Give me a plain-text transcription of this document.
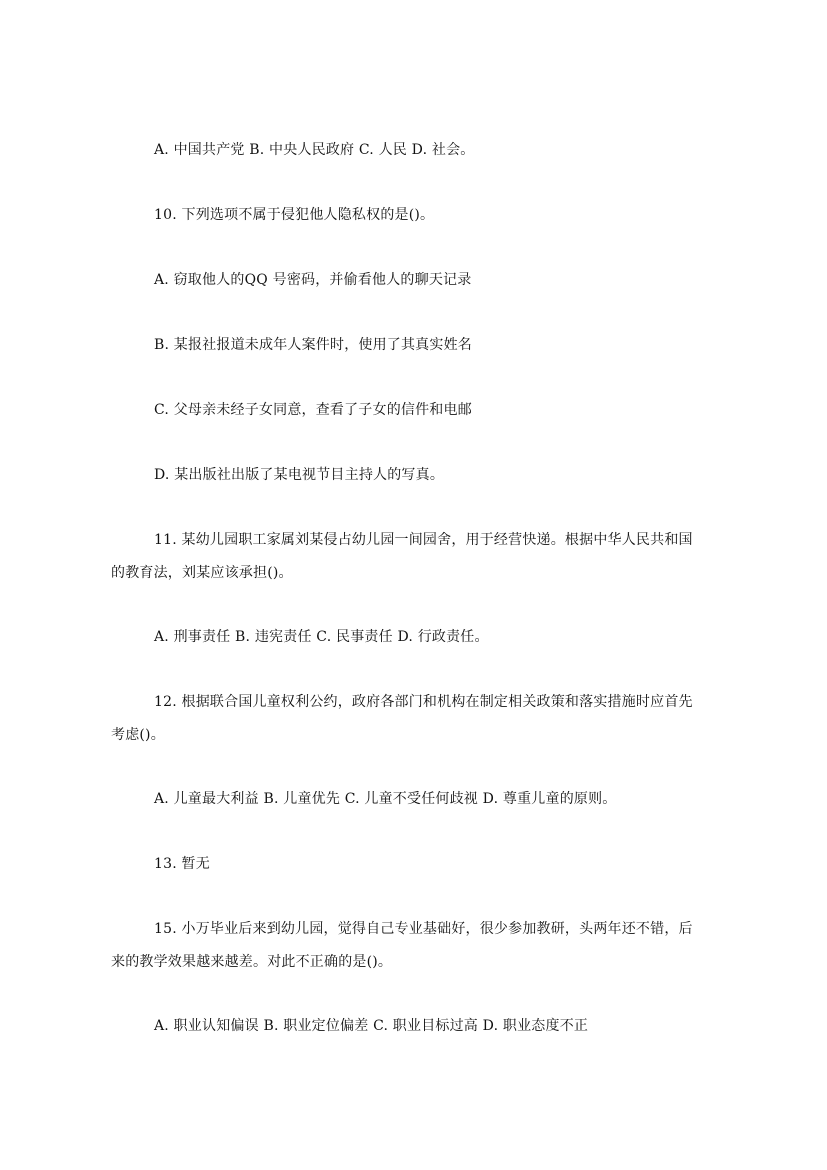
A. 中国共产党 B. 中央人民政府 C. 人民 D. 社会。

10. 下列选项不属于侵犯他人隐私权的是()。

A. 窃取他人的QQ 号密码，并偷看他人的聊天记录

B. 某报社报道未成年人案件时，使用了其真实姓名

C. 父母亲未经子女同意，查看了子女的信件和电邮

D. 某出版社出版了某电视节目主持人的写真。

11. 某幼儿园职工家属刘某侵占幼儿园一间园舍，用于经营快递。根据中华人民共和国
的教育法，刘某应该承担()。

A. 刑事责任 B. 违宪责任 C. 民事责任 D. 行政责任。

12. 根据联合国儿童权利公约，政府各部门和机构在制定相关政策和落实措施时应首先
考虑()。

A. 儿童最大利益 B. 儿童优先 C. 儿童不受任何歧视 D. 尊重儿童的原则。

13. 暂无

15. 小万毕业后来到幼儿园，觉得自己专业基础好，很少参加教研，头两年还不错，后
来的教学效果越来越差。对此不正确的是()。

A. 职业认知偏误 B. 职业定位偏差 C. 职业目标过高 D. 职业态度不正
